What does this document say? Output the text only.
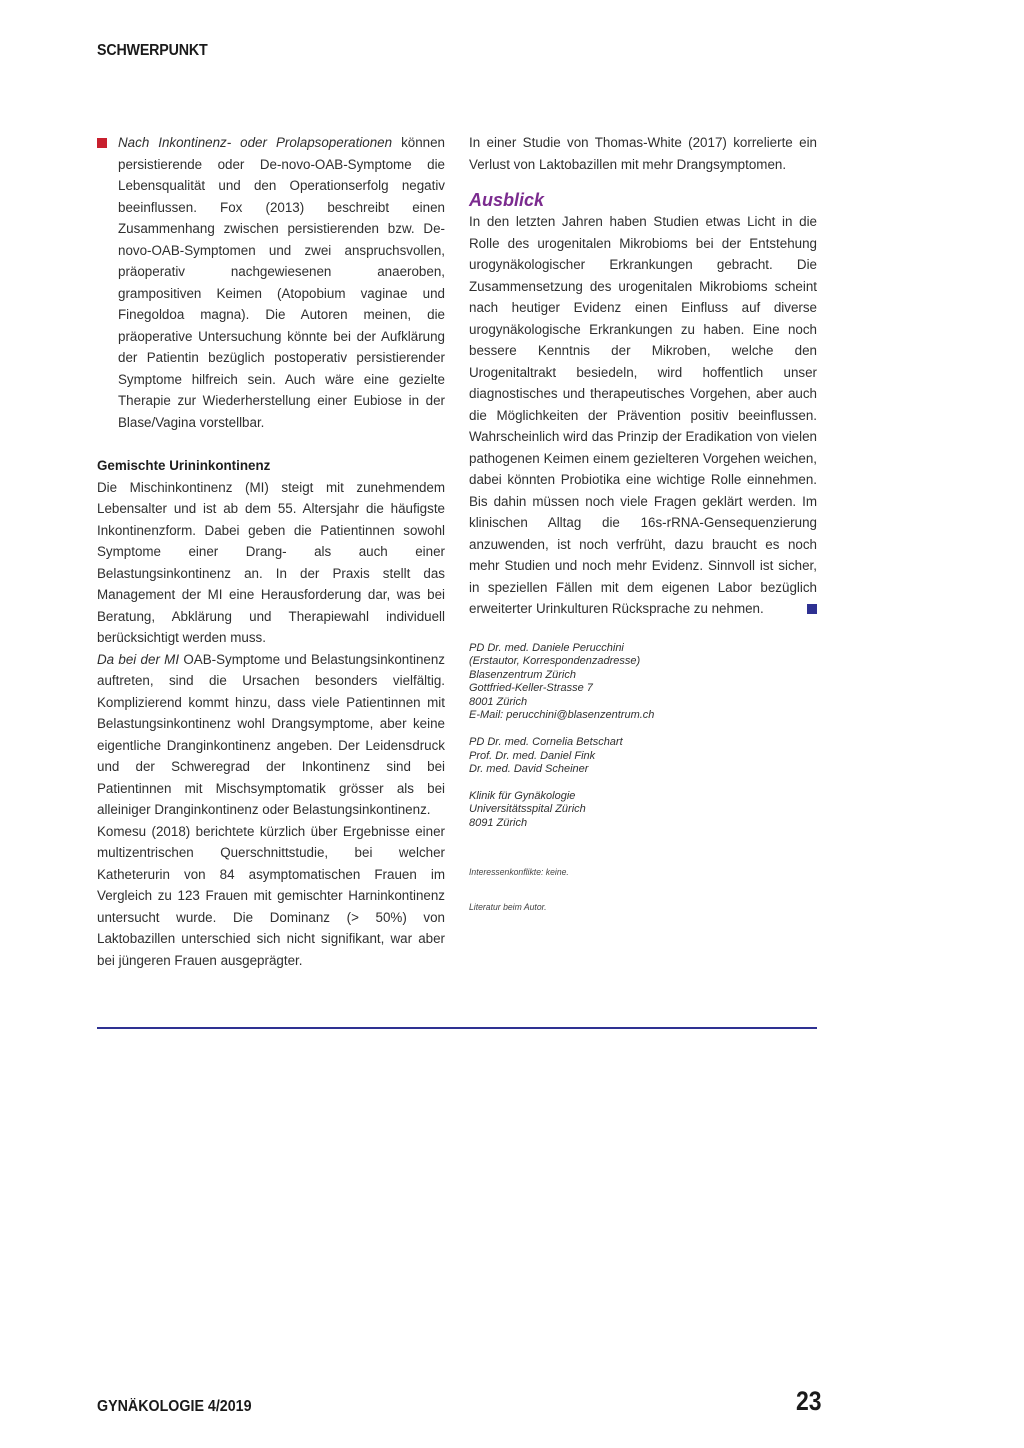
SCHWERPUNKT

Nach Inkontinenz- oder Prolapsoperationen können persistierende oder De-novo-OAB-Symptome die Lebensqualität und den Operationserfolg negativ beeinflussen. Fox (2013) beschreibt einen Zusammenhang zwischen persistierenden bzw. De-novo-OAB-Symptomen und zwei anspruchsvollen, präoperativ nachgewiesenen anaeroben, grampositiven Keimen (Atopobium vaginae und Finegoldoa magna). Die Autoren meinen, die präoperative Untersuchung könnte bei der Aufklärung der Patientin bezüglich postoperativ persistierender Symptome hilfreich sein. Auch wäre eine gezielte Therapie zur Wiederherstellung einer Eubiose in der Blase/Vagina vorstellbar.

Gemischte Urininkontinenz

Die Mischinkontinenz (MI) steigt mit zunehmendem Lebensalter und ist ab dem 55. Altersjahr die häufigste Inkontinenzform. Dabei geben die Patientinnen sowohl Symptome einer Drang- als auch einer Belastungsinkontinenz an. In der Praxis stellt das Management der MI eine Herausforderung dar, was bei Beratung, Abklärung und Therapiewahl individuell berücksichtigt werden muss.

Da bei der MI OAB-Symptome und Belastungsinkontinenz auftreten, sind die Ursachen besonders vielfältig. Komplizierend kommt hinzu, dass viele Patientinnen mit Belastungsinkontinenz wohl Drangsymptome, aber keine eigentliche Dranginkontinenz angeben. Der Leidensdruck und der Schweregrad der Inkontinenz sind bei Patientinnen mit Mischsymptomatik grösser als bei alleiniger Dranginkontinenz oder Belastungsinkontinenz.

Komesu (2018) berichtete kürzlich über Ergebnisse einer multizentrischen Querschnittstudie, bei welcher Katheterurin von 84 asymptomatischen Frauen im Vergleich zu 123 Frauen mit gemischter Harninkontinenz untersucht wurde. Die Dominanz (> 50%) von Laktobazillen unterschied sich nicht signifikant, war aber bei jüngeren Frauen ausgeprägter.

In einer Studie von Thomas-White (2017) korrelierte ein Verlust von Laktobazillen mit mehr Drangsymptomen.

Ausblick

In den letzten Jahren haben Studien etwas Licht in die Rolle des urogenitalen Mikrobioms bei der Entstehung urogynäkologischer Erkrankungen gebracht. Die Zusammensetzung des urogenitalen Mikrobioms scheint nach heutiger Evidenz einen Einfluss auf diverse urogynäkologische Erkrankungen zu haben. Eine noch bessere Kenntnis der Mikroben, welche den Urogenitaltrakt besiedeln, wird hoffentlich unser diagnostisches und therapeutisches Vorgehen, aber auch die Möglichkeiten der Prävention positiv beeinflussen. Wahrscheinlich wird das Prinzip der Eradikation von vielen pathogenen Keimen einem gezielteren Vorgehen weichen, dabei könnten Probiotika eine wichtige Rolle einnehmen. Bis dahin müssen noch viele Fragen geklärt werden. Im klinischen Alltag die 16s-rRNA-Gensequenzierung anzuwenden, ist noch verfrüht, dazu braucht es noch mehr Studien und noch mehr Evidenz. Sinnvoll ist sicher, in speziellen Fällen mit dem eigenen Labor bezüglich erweiterter Urinkulturen Rücksprache zu nehmen.

PD Dr. med. Daniele Perucchini

(Erstautor, Korrespondenzadresse)

Blasenzentrum Zürich

Gottfried-Keller-Strasse 7

8001 Zürich

E-Mail: perucchini@blasenzentrum.ch

PD Dr. med. Cornelia Betschart

Prof. Dr. med. Daniel Fink

Dr. med. David Scheiner

Klinik für Gynäkologie

Universitätsspital Zürich

8091 Zürich

Interessenkonflikte: keine.

Literatur beim Autor.

GYNÄKOLOGIE 4/2019	23
